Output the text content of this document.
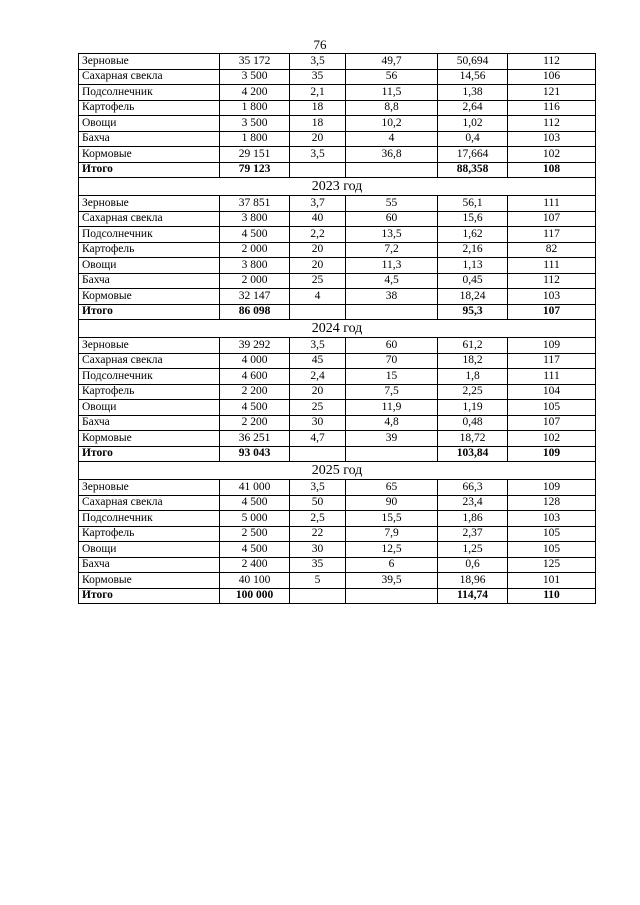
76
Зерновые	35 172	3,5	49,7	50,694	112
Сахарная свекла	3 500	35	56	14,56	106
Подсолнечник	4 200	2,1	11,5	1,38	121
Картофель	1 800	18	8,8	2,64	116
Овощи	3 500	18	10,2	1,02	112
Бахча	1 800	20	4	0,4	103
Кормовые	29 151	3,5	36,8	17,664	102
Итого	79 123			88,358	108
2023 год					
Зерновые	37 851	3,7	55	56,1	111
Сахарная свекла	3 800	40	60	15,6	107
Подсолнечник	4 500	2,2	13,5	1,62	117
Картофель	2 000	20	7,2	2,16	82
Овощи	3 800	20	11,3	1,13	111
Бахча	2 000	25	4,5	0,45	112
Кормовые	32 147	4	38	18,24	103
Итого	86 098			95,3	107
2024 год					
Зерновые	39 292	3,5	60	61,2	109
Сахарная свекла	4 000	45	70	18,2	117
Подсолнечник	4 600	2,4	15	1,8	111
Картофель	2 200	20	7,5	2,25	104
Овощи	4 500	25	11,9	1,19	105
Бахча	2 200	30	4,8	0,48	107
Кормовые	36 251	4,7	39	18,72	102
Итого	93 043			103,84	109
2025 год					
Зерновые	41 000	3,5	65	66,3	109
Сахарная свекла	4 500	50	90	23,4	128
Подсолнечник	5 000	2,5	15,5	1,86	103
Картофель	2 500	22	7,9	2,37	105
Овощи	4 500	30	12,5	1,25	105
Бахча	2 400	35	6	0,6	125
Кормовые	40 100	5	39,5	18,96	101
Итого	100 000			114,74	110
